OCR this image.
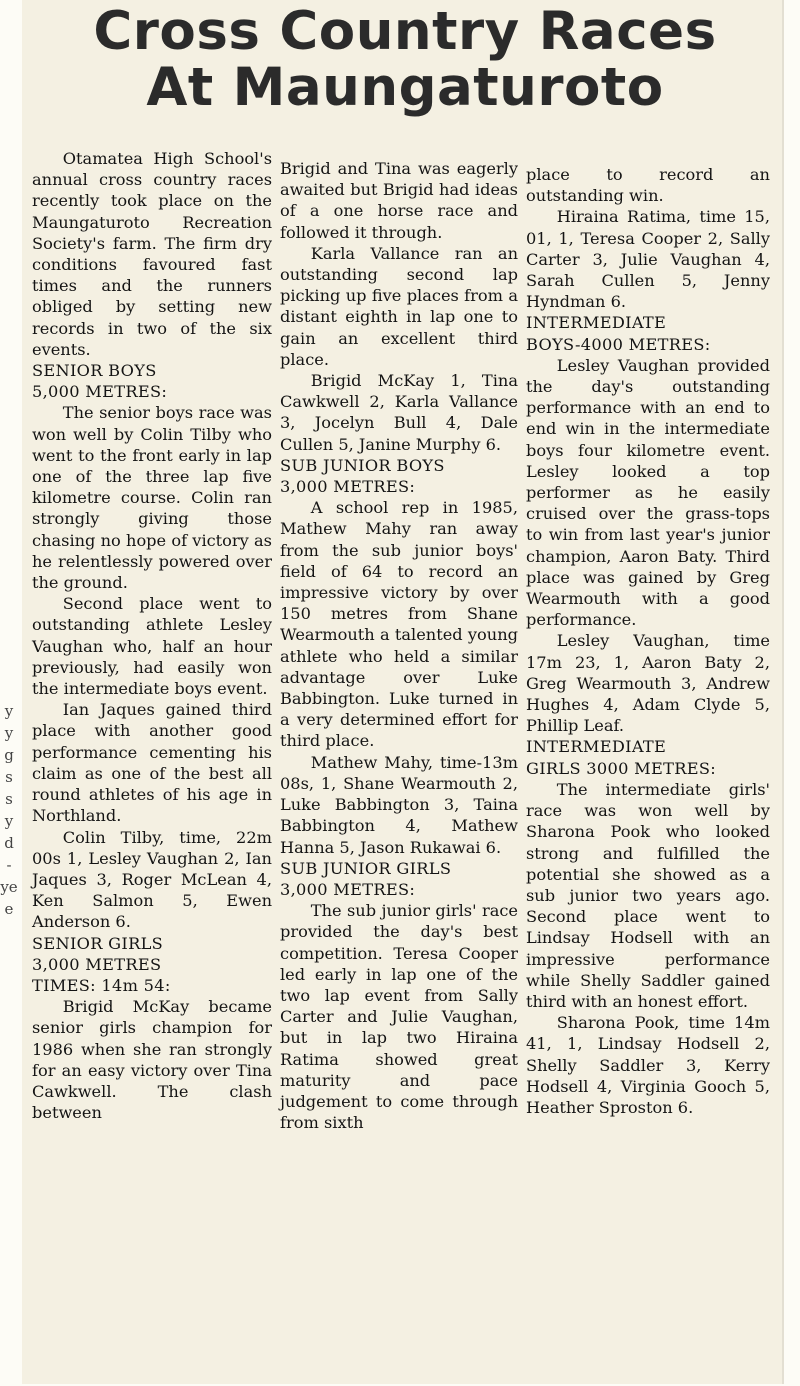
y
y
g
s
s
y
d
-
ye
e
Cross Country Races
At Maungaturoto

Otamatea High School's annual cross country races recently took place on the Maungaturoto Recreation Society's farm. The firm dry conditions favoured fast times and the runners obliged by setting new records in two of the six events.

SENIOR BOYS
5,000 METRES:

The senior boys race was won well by Colin Tilby who went to the front early in lap one of the three lap five kilometre course. Colin ran strongly giving those chasing no hope of victory as he relentlessly powered over the ground.

Second place went to outstanding athlete Lesley Vaughan who, half an hour previously, had easily won the intermediate boys event.

Ian Jaques gained third place with another good performance cementing his claim as one of the best all round athletes of his age in Northland.

Colin Tilby, time, 22m 00s 1, Lesley Vaughan 2, Ian Jaques 3, Roger McLean 4, Ken Salmon 5, Ewen Anderson 6.

SENIOR GIRLS
3,000 METRES
TIMES: 14m 54:

Brigid McKay became senior girls champion for 1986 when she ran strongly for an easy victory over Tina Cawkwell. The clash between

Brigid and Tina was eagerly awaited but Brigid had ideas of a one horse race and followed it through.

Karla Vallance ran an outstanding second lap picking up five places from a distant eighth in lap one to gain an excellent third place.

Brigid McKay 1, Tina Cawkwell 2, Karla Vallance 3, Jocelyn Bull 4, Dale Cullen 5, Janine Murphy 6.

SUB JUNIOR BOYS
3,000 METRES:

A school rep in 1985, Mathew Mahy ran away from the sub junior boys' field of 64 to record an impressive victory by over 150 metres from Shane Wearmouth a talented young athlete who held a similar advantage over Luke Babbington. Luke turned in a very determined effort for third place.

Mathew Mahy, time-13m 08s, 1, Shane Wearmouth 2, Luke Babbington 3, Taina Babbington 4, Mathew Hanna 5, Jason Rukawai 6.

SUB JUNIOR GIRLS
3,000 METRES:

The sub junior girls' race provided the day's best competition. Teresa Cooper led early in lap one of the two lap event from Sally Carter and Julie Vaughan, but in lap two Hiraina Ratima showed great maturity and pace judgement to come through from sixth

place to record an outstanding win.

Hiraina Ratima, time 15, 01, 1, Teresa Cooper 2, Sally Carter 3, Julie Vaughan 4, Sarah Cullen 5, Jenny Hyndman 6.

INTERMEDIATE
BOYS-4000 METRES:

Lesley Vaughan provided the day's outstanding performance with an end to end win in the intermediate boys four kilometre event. Lesley looked a top performer as he easily cruised over the grass-tops to win from last year's junior champion, Aaron Baty. Third place was gained by Greg Wearmouth with a good performance.

Lesley Vaughan, time 17m 23, 1, Aaron Baty 2, Greg Wearmouth 3, Andrew Hughes 4, Adam Clyde 5, Phillip Leaf.

INTERMEDIATE
GIRLS 3000 METRES:

The intermediate girls' race was won well by Sharona Pook who looked strong and fulfilled the potential she showed as a sub junior two years ago. Second place went to Lindsay Hodsell with an impressive performance while Shelly Saddler gained third with an honest effort.

Sharona Pook, time 14m 41, 1, Lindsay Hodsell 2, Shelly Saddler 3, Kerry Hodsell 4, Virginia Gooch 5, Heather Sproston 6.
